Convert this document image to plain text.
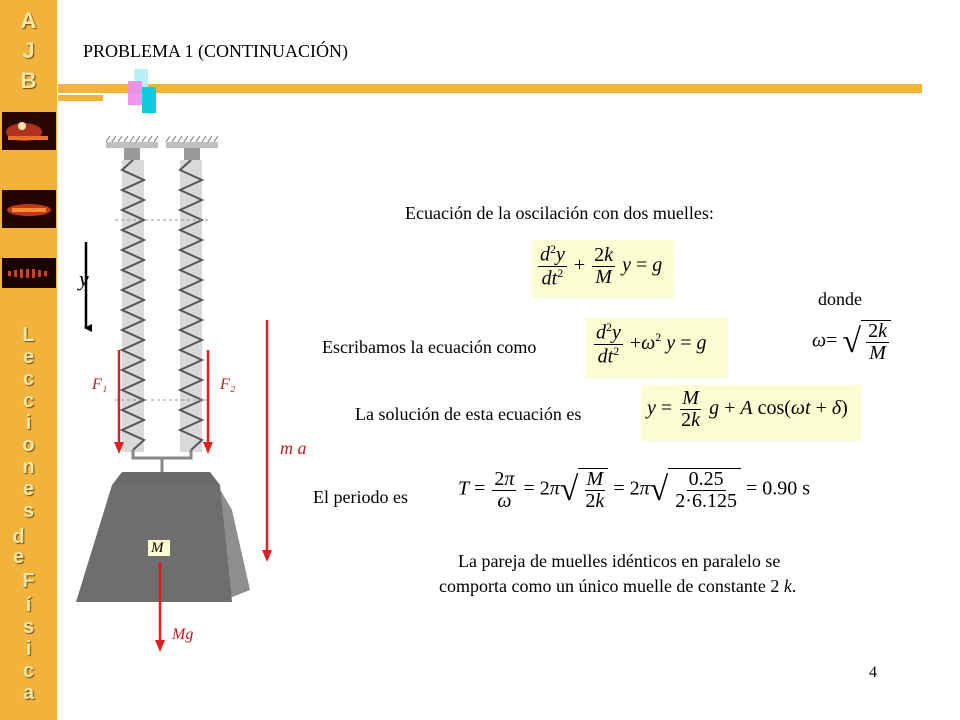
A
J
B
L
e
c
c
i
o
n
e
s
d
e
F
í
s
i
c
a
PROBLEMA 1 (CONTINUACIÓN)
y
F₁	F₂
m a
M
Mg
Ecuación de la oscilación con dos muelles:
$\frac{d^2y}{dt^2} + \frac{2k}{M}$ y = g
donde
Escribamos la ecuación como	$\frac{d^2y}{dt^2} +\omega^2$ y = g	ω= √ $\frac{2k}{M}$
La solución de esta ecuación es	$y = \frac{M}{2k}$ g + A cos(ωt + δ)
El periodo es	$T = \frac{2\pi}{\omega} = 2\pi$ √ $\frac{M}{2k} = 2\pi$ √ $\frac{0.25}{2\cdot 6.125} = 0.90$ s
La pareja de muelles idénticos en paralelo se
comporta como un único muelle de constante 2 k.
4
